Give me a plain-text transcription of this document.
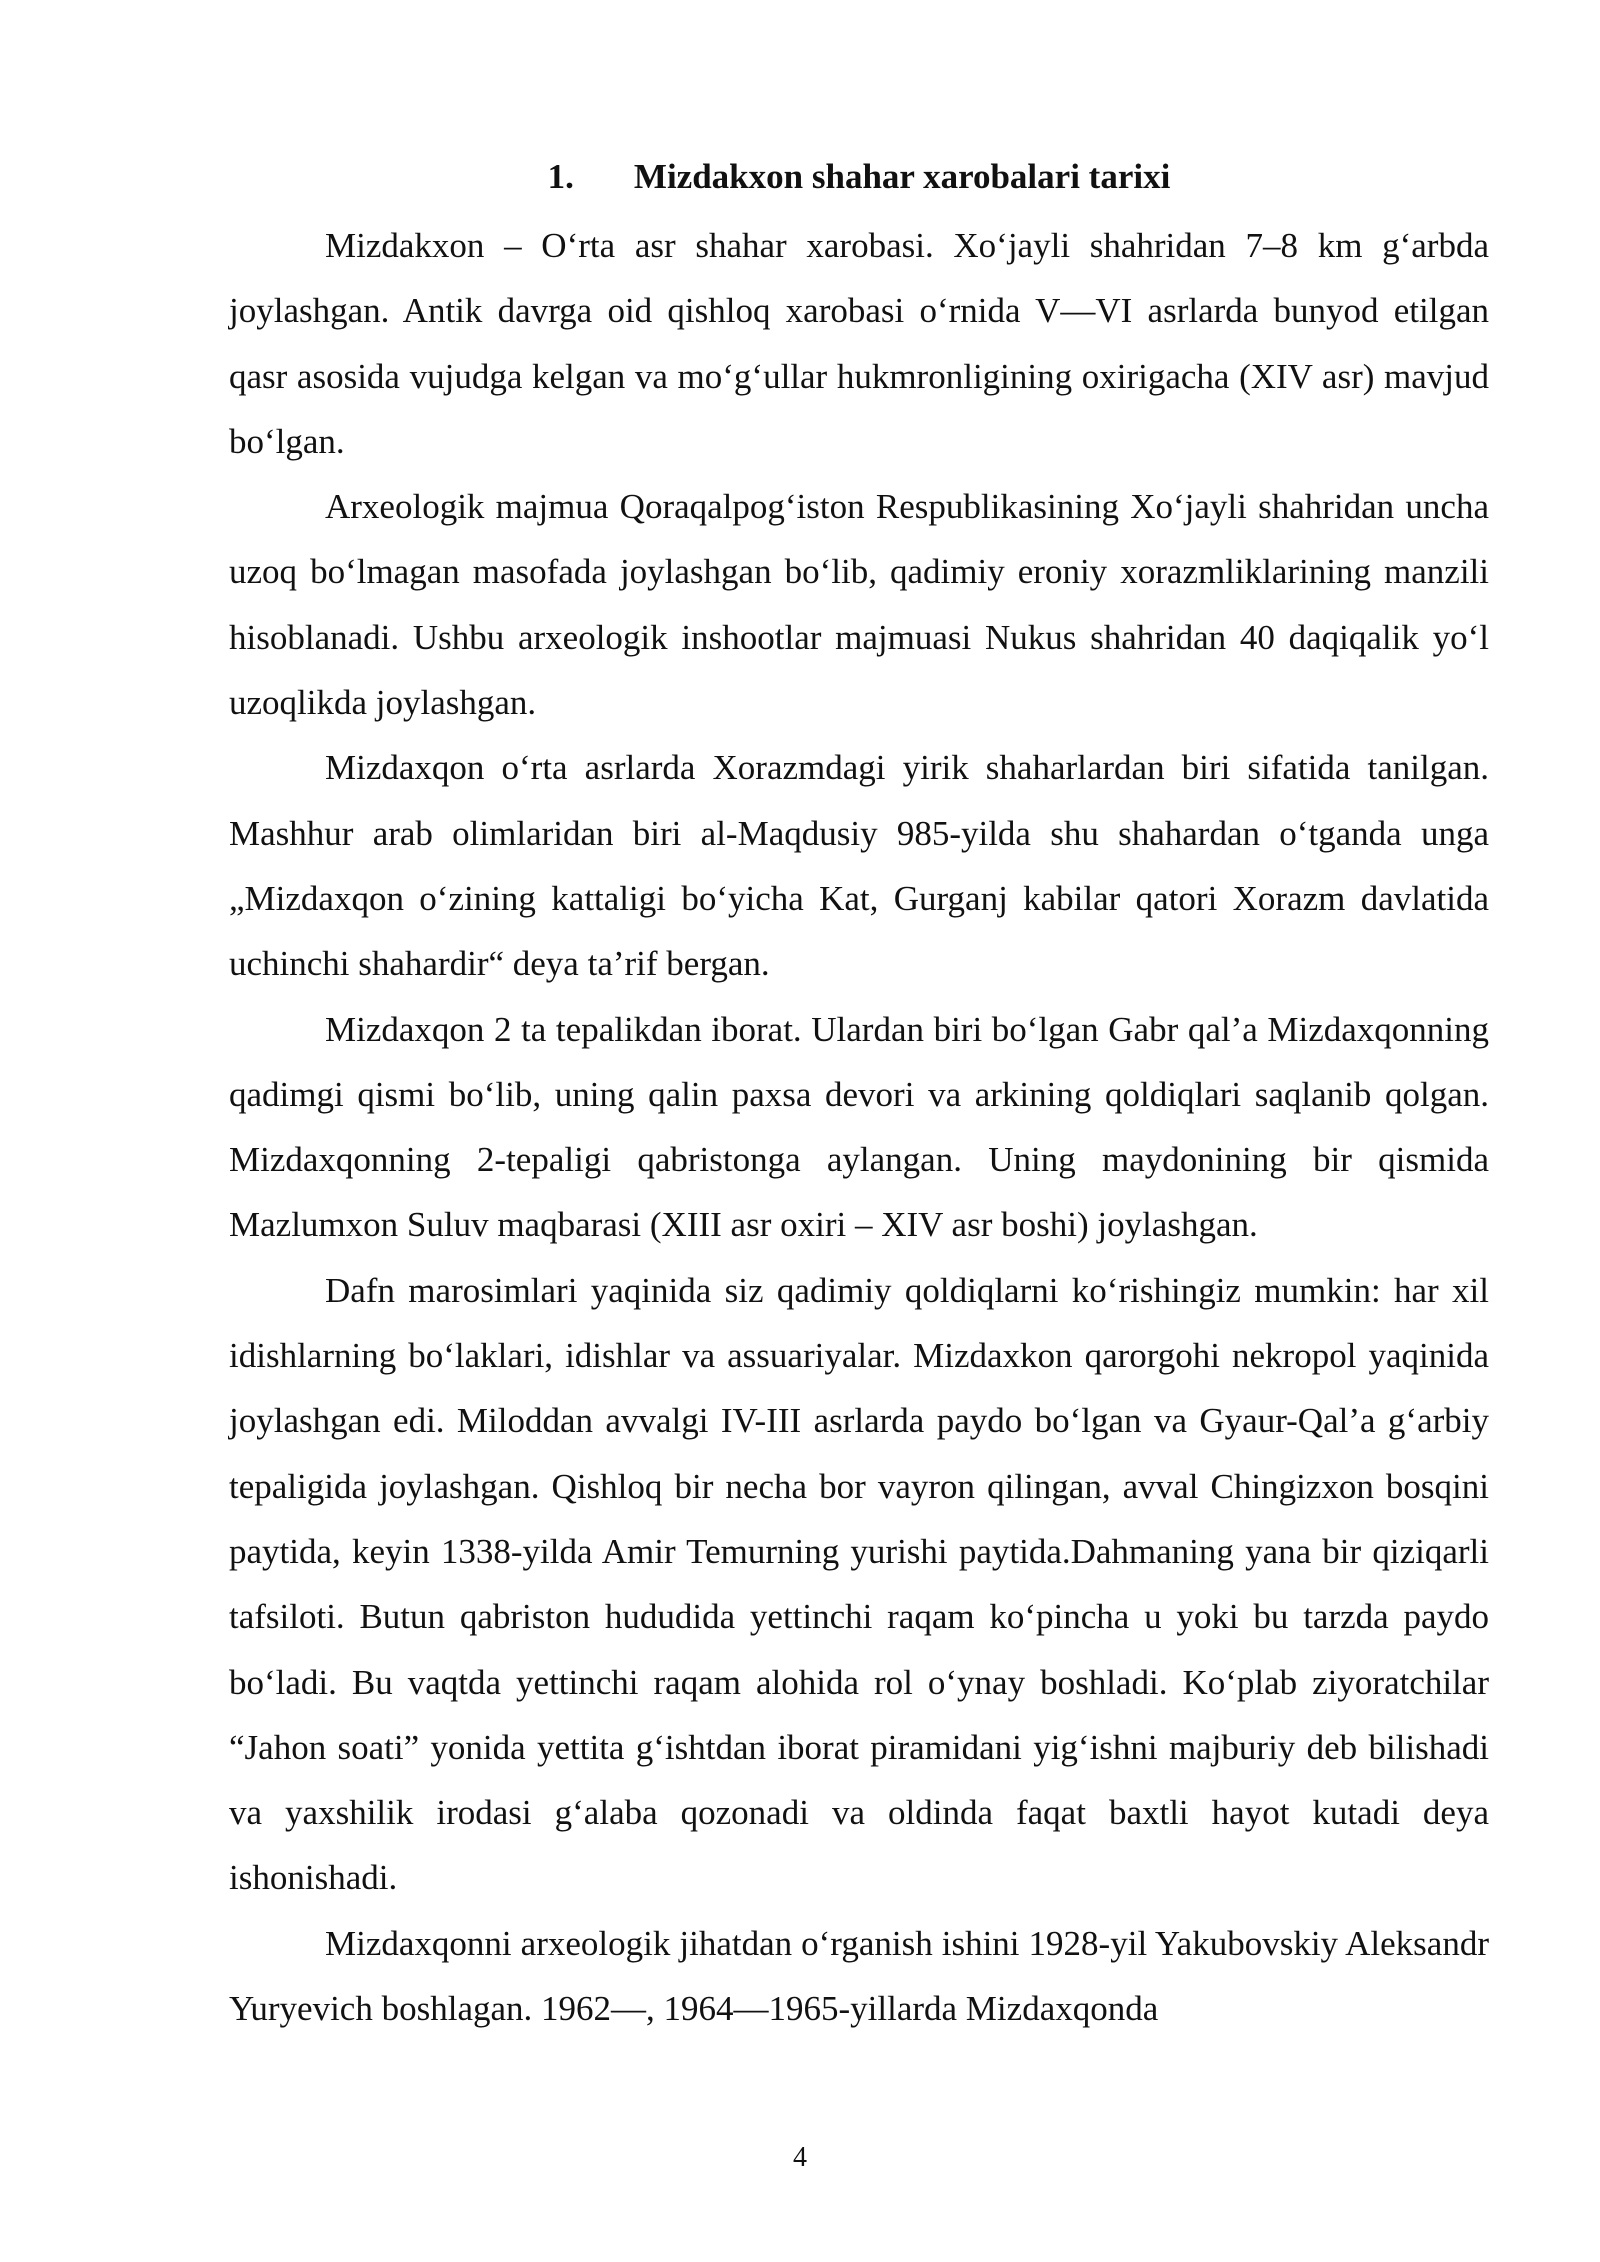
1. Mizdakxon shahar xarobalari tarixi

Mizdakxon – O‘rta asr shahar xarobasi. Xo‘jayli shahridan 7–8 km g‘arbda joylashgan. Antik davrga oid qishloq xarobasi o‘rnida V—VI asrlarda bunyod etilgan qasr asosida vujudga kelgan va mo‘g‘ullar hukmronligining oxirigacha (XIV asr) mavjud bo‘lgan.

Arxeologik majmua Qoraqalpog‘iston Respublikasining Xo‘jayli shahridan uncha uzoq bo‘lmagan masofada joylashgan bo‘lib, qadimiy eroniy xorazmliklarining manzili hisoblanadi. Ushbu arxeologik inshootlar majmuasi Nukus shahridan 40 daqiqalik yo‘l uzoqlikda joylashgan.

Mizdaxqon o‘rta asrlarda Xorazmdagi yirik shaharlardan biri sifatida tanilgan. Mashhur arab olimlaridan biri al-Maqdusiy 985-yilda shu shahardan o‘tganda unga „Mizdaxqon o‘zining kattaligi bo‘yicha Kat, Gurganj kabilar qatori Xorazm davlatida uchinchi shahardir“ deya ta’rif bergan.

Mizdaxqon 2 ta tepalikdan iborat. Ulardan biri bo‘lgan Gabr qal’a Mizdaxqonning qadimgi qismi bo‘lib, uning qalin paxsa devori va arkining qoldiqlari saqlanib qolgan. Mizdaxqonning 2-tepaligi qabristonga aylangan. Uning maydonining bir qismida Mazlumxon Suluv maqbarasi (XIII asr oxiri – XIV asr boshi) joylashgan.

Dafn marosimlari yaqinida siz qadimiy qoldiqlarni ko‘rishingiz mumkin: har xil idishlarning bo‘laklari, idishlar va assuariyalar. Mizdaxkon qarorgohi nekropol yaqinida joylashgan edi. Miloddan avvalgi IV-III asrlarda paydo bo‘lgan va Gyaur-Qal’a g‘arbiy tepaligida joylashgan. Qishloq bir necha bor vayron qilingan, avval Chingizxon bosqini paytida, keyin 1338-yilda Amir Temurning yurishi paytida.Dahmaning yana bir qiziqarli tafsiloti. Butun qabriston hududida yettinchi raqam ko‘pincha u yoki bu tarzda paydo bo‘ladi. Bu vaqtda yettinchi raqam alohida rol o‘ynay boshladi. Ko‘plab ziyoratchilar “Jahon soati” yonida yettita g‘ishtdan iborat piramidani yig‘ishni majburiy deb bilishadi va yaxshilik irodasi g‘alaba qozonadi va oldinda faqat baxtli hayot kutadi deya ishonishadi.

Mizdaxqonni arxeologik jihatdan o‘rganish ishini 1928-yil Yakubovskiy Aleksandr Yuryevich boshlagan. 1962—, 1964—1965-yillarda Mizdaxqonda

4
